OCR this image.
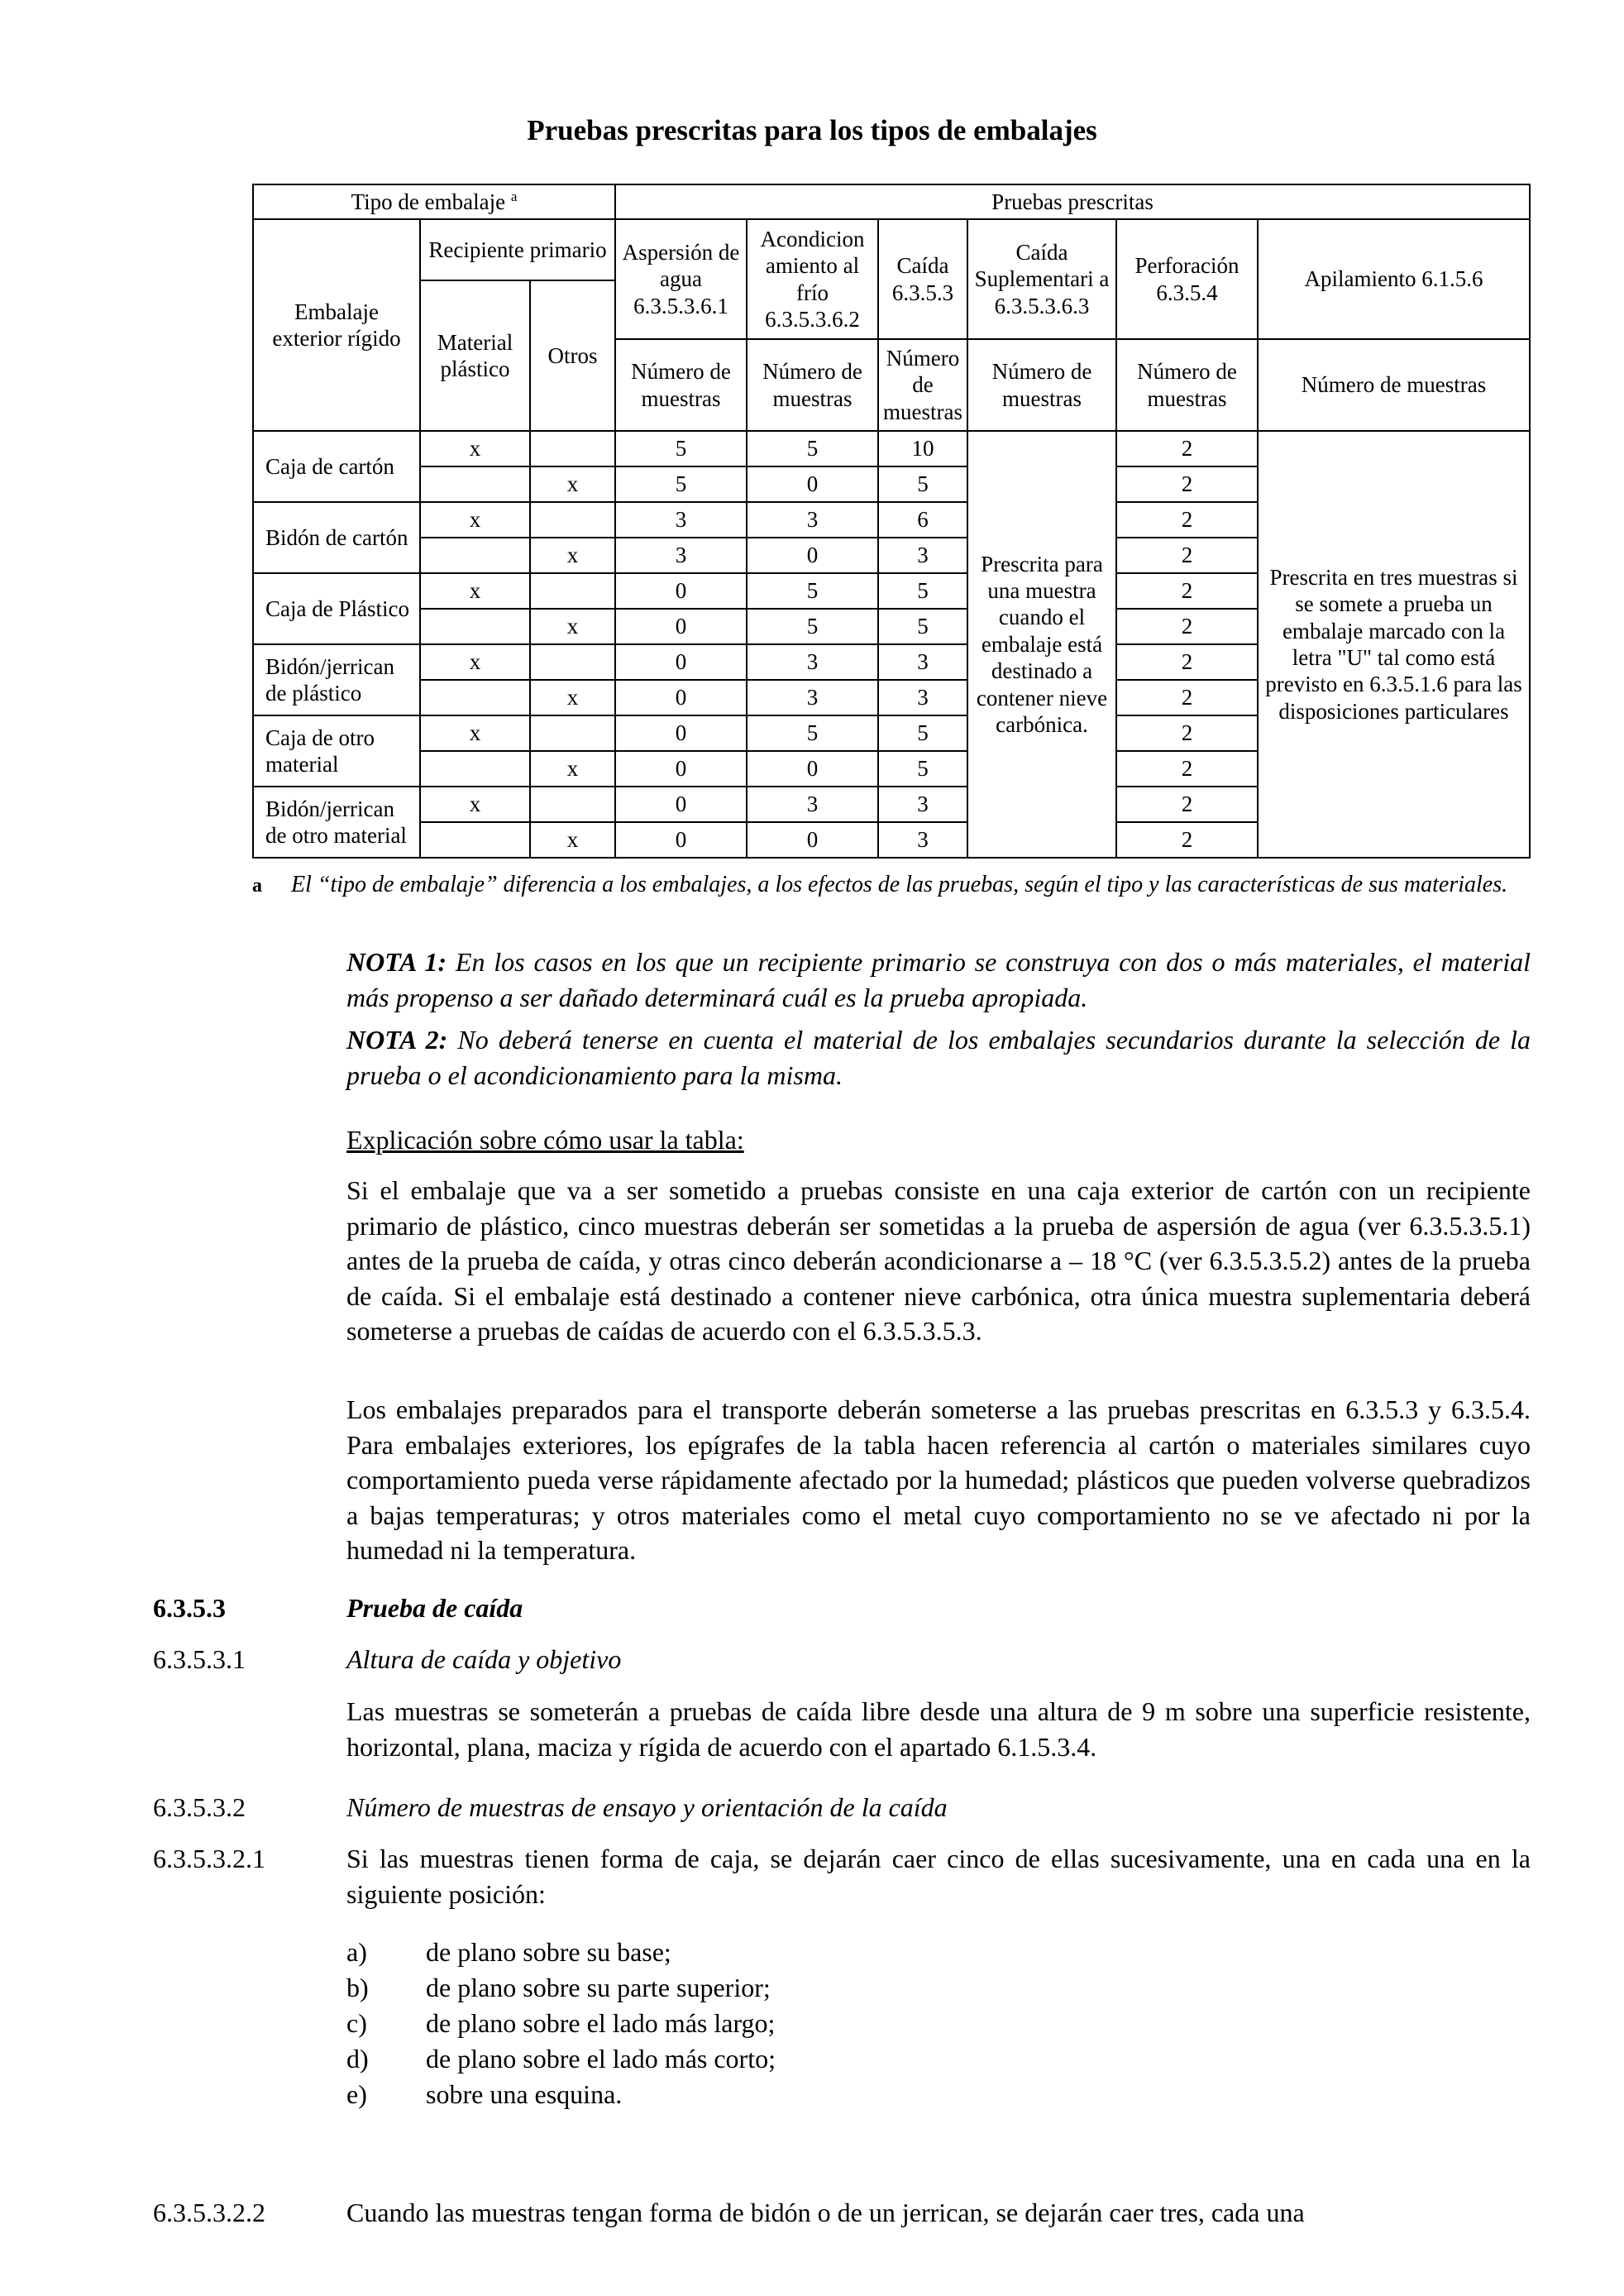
Pruebas prescritas para los tipos de embalajes
Tipo de embalaje $^a$			Pruebas prescritas					
Embalaje exterior rígido	Recipiente primario		Aspersión de agua 6.3.5.3.6.1	Acondicion amiento al frío 6.3.5.3.6.2	Caída 6.3.5.3	Caída Suplementari a 6.3.5.3.6.3	Perforación 6.3.5.4	Apilamiento 6.1.5.6
	Material plástico	Otros						
			Número de muestras	Número de muestras	Número de muestras	Número de muestras	Número de muestras	Número de muestras
Caja de cartón	x		5	5	10	Prescrita para una muestra cuando el embalaje está destinado a contener nieve carbónica.	2	Prescrita en tres muestras si se somete a prueba un embalaje marcado con la letra "U" tal como está previsto en 6.3.5.1.6 para las disposiciones particulares
		x	5	0	5		2	
Bidón de cartón	x		3	3	6		2	
		x	3	0	3		2	
Caja de Plástico	x		0	5	5		2	
		x	0	5	5		2	
Bidón/jerrican de plástico	x		0	3	3		2	
		x	0	3	3		2	
Caja de otro material	x		0	5	5		2	
		x	0	0	5		2	
Bidón/jerrican de otro material	x		0	3	3		2	
		x	0	0	3		2	
a El “tipo de embalaje” diferencia a los embalajes, a los efectos de las pruebas, según el tipo y las características de sus materiales.
NOTA 1: En los casos en los que un recipiente primario se construya con dos o más materiales, el material más propenso a ser dañado determinará cuál es la prueba apropiada.
NOTA 2: No deberá tenerse en cuenta el material de los embalajes secundarios durante la selección de la prueba o el acondicionamiento para la misma.
Explicación sobre cómo usar la tabla:
Si el embalaje que va a ser sometido a pruebas consiste en una caja exterior de cartón con un recipiente primario de plástico, cinco muestras deberán ser sometidas a la prueba de aspersión de agua (ver 6.3.5.3.5.1) antes de la prueba de caída, y otras cinco deberán acondicionarse a – 18 °C (ver 6.3.5.3.5.2) antes de la prueba de caída. Si el embalaje está destinado a contener nieve carbónica, otra única muestra suplementaria deberá someterse a pruebas de caídas de acuerdo con el 6.3.5.3.5.3.
Los embalajes preparados para el transporte deberán someterse a las pruebas prescritas en 6.3.5.3 y 6.3.5.4. Para embalajes exteriores, los epígrafes de la tabla hacen referencia al cartón o materiales similares cuyo comportamiento pueda verse rápidamente afectado por la humedad; plásticos que pueden volverse quebradizos a bajas temperaturas; y otros materiales como el metal cuyo comportamiento no se ve afectado ni por la humedad ni la temperatura.
6.3.5.3	Prueba de caída
6.3.5.3.1	Altura de caída y objetivo
Las muestras se someterán a pruebas de caída libre desde una altura de 9 m sobre una superficie resistente, horizontal, plana, maciza y rígida de acuerdo con el apartado 6.1.5.3.4.
6.3.5.3.2	Número de muestras de ensayo y orientación de la caída
6.3.5.3.2.1	Si las muestras tienen forma de caja, se dejarán caer cinco de ellas sucesivamente, una en cada una en la siguiente posición:
a)	de plano sobre su base;
b)	de plano sobre su parte superior;
c)	de plano sobre el lado más largo;
d)	de plano sobre el lado más corto;
e)	sobre una esquina.
6.3.5.3.2.2	Cuando las muestras tengan forma de bidón o de un jerrican, se dejarán caer tres, cada una
